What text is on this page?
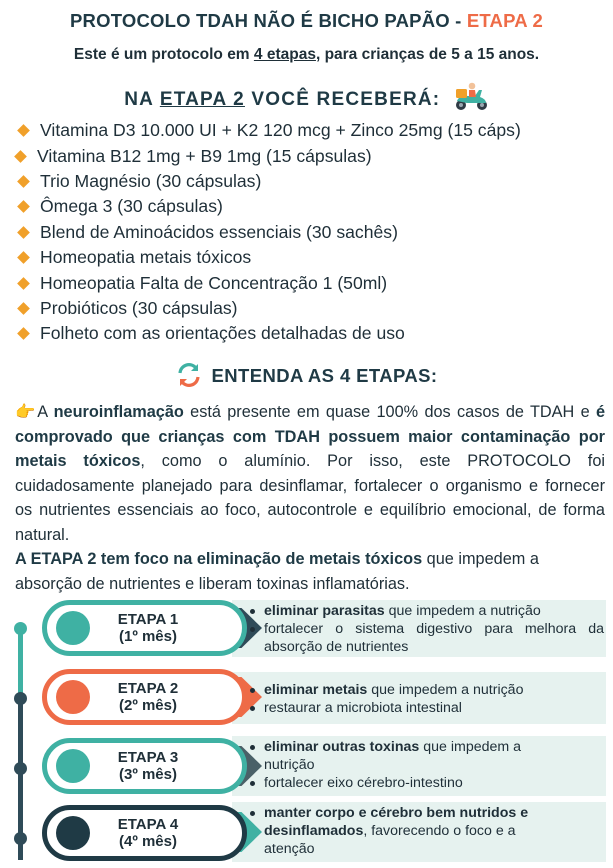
PROTOCOLO TDAH NÃO É BICHO PAPÃO - ETAPA 2
Este é um protocolo em 4 etapas, para crianças de 5 a 15 anos.
NA ETAPA 2 VOCÊ RECEBERÁ:
Vitamina D3 10.000 UI + K2 120 mcg + Zinco 25mg (15 cáps)
Vitamina B12 1mg + B9 1mg (15 cápsulas)
Trio Magnésio (30 cápsulas)
Ômega 3 (30 cápsulas)
Blend de Aminoácidos essenciais (30 sachês)
Homeopatia metais tóxicos
Homeopatia Falta de Concentração 1 (50ml)
Probióticos (30 cápsulas)
Folheto com as orientações detalhadas de uso
ENTENDA AS 4 ETAPAS:

👉 A neuroinflamação está presente em quase 100% dos casos de TDAH e é comprovado que crianças com TDAH possuem maior contaminação por metais tóxicos, como o alumínio. Por isso, este PROTOCOLO foi cuidadosamente planejado para desinflamar, fortalecer o organismo e fornecer os nutrientes essenciais ao foco, autocontrole e equilíbrio emocional, de forma natural.

A ETAPA 2 tem foco na eliminação de metais tóxicos que impedem a absorção de nutrientes e liberam toxinas inflamatórias.

ETAPA 1
(1º mês)
eliminar parasitas que impedem a nutrição
fortalecer o sistema digestivo para melhora da absorção de nutrientes
ETAPA 2
(2º mês)
eliminar metais que impedem a nutrição
restaurar a microbiota intestinal
ETAPA 3
(3º mês)
eliminar outras toxinas que impedem a nutrição
fortalecer eixo cérebro-intestino
ETAPA 4
(4º mês)
manter corpo e cérebro bem nutridos e desinflamados, favorecendo o foco e a atenção
